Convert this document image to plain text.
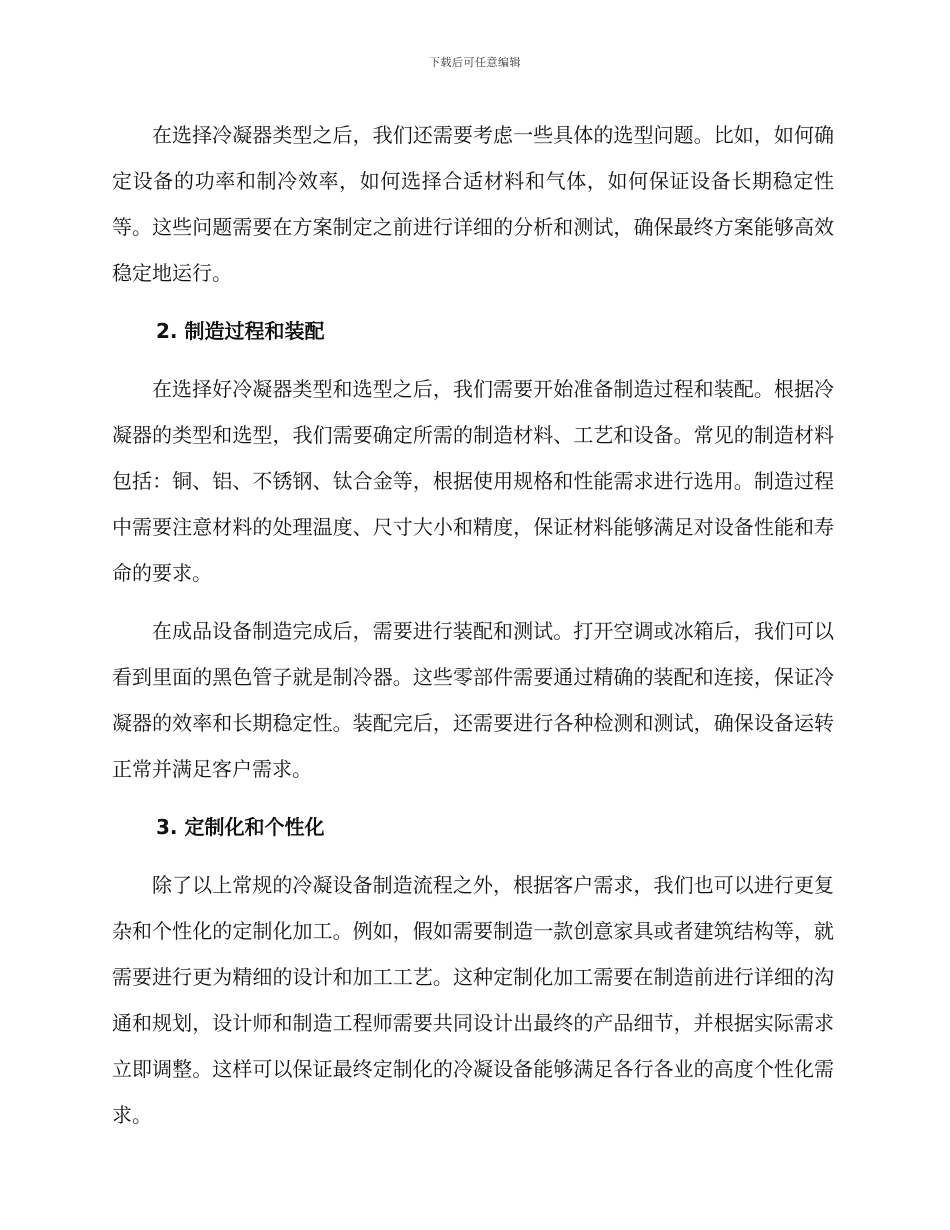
下载后可任意编辑

在选择冷凝器类型之后，我们还需要考虑一些具体的选型问题。比如，如何确定设备的功率和制冷效率，如何选择合适材料和气体，如何保证设备长期稳定性等。这些问题需要在方案制定之前进行详细的分析和测试，确保最终方案能够高效稳定地运行。

2. 制造过程和装配

在选择好冷凝器类型和选型之后，我们需要开始准备制造过程和装配。根据冷凝器的类型和选型，我们需要确定所需的制造材料、工艺和设备。常见的制造材料包括：铜、铝、不锈钢、钛合金等，根据使用规格和性能需求进行选用。制造过程中需要注意材料的处理温度、尺寸大小和精度，保证材料能够满足对设备性能和寿命的要求。

在成品设备制造完成后，需要进行装配和测试。打开空调或冰箱后，我们可以看到里面的黑色管子就是制冷器。这些零部件需要通过精确的装配和连接，保证冷凝器的效率和长期稳定性。装配完后，还需要进行各种检测和测试，确保设备运转正常并满足客户需求。

3. 定制化和个性化

除了以上常规的冷凝设备制造流程之外，根据客户需求，我们也可以进行更复杂和个性化的定制化加工。例如，假如需要制造一款创意家具或者建筑结构等，就需要进行更为精细的设计和加工工艺。这种定制化加工需要在制造前进行详细的沟通和规划，设计师和制造工程师需要共同设计出最终的产品细节，并根据实际需求立即调整。这样可以保证最终定制化的冷凝设备能够满足各行各业的高度个性化需求。
